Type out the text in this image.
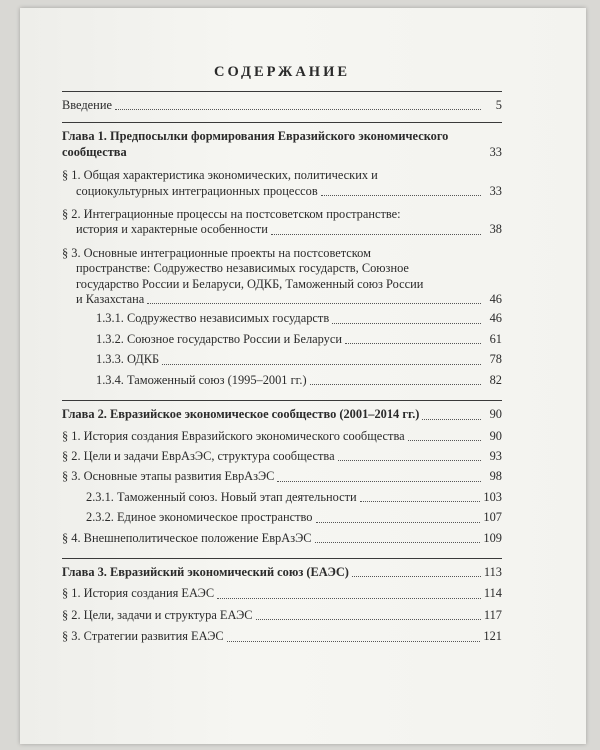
СОДЕРЖАНИЕ
Введение	5
Глава 1. Предпосылки формирования Евразийского экономического
сообщества	33
§ 1. Общая характеристика экономических, политических и
социокультурных интеграционных процессов	33
§ 2. Интеграционные процессы на постсоветском пространстве:
история и характерные особенности	38
§ 3. Основные интеграционные проекты на постсоветском
пространстве: Содружество независимых государств, Союзное
государство России и Беларуси, ОДКБ, Таможенный союз России
и Казахстана	46
1.3.1. Содружество независимых государств	46
1.3.2. Союзное государство России и Беларуси	61
1.3.3. ОДКБ	78
1.3.4. Таможенный союз (1995–2001 гг.)	82
Глава 2. Евразийское экономическое сообщество (2001–2014 гг.)	90
§ 1. История создания Евразийского экономического сообщества	90
§ 2. Цели и задачи ЕврАзЭС, структура сообщества	93
§ 3. Основные этапы развития ЕврАзЭС	98
2.3.1. Таможенный союз. Новый этап деятельности	103
2.3.2. Единое экономическое пространство	107
§ 4. Внешнеполитическое положение ЕврАзЭС	109
Глава 3. Евразийский экономический союз (ЕАЭС)	113
§ 1. История создания ЕАЭС	114
§ 2. Цели, задачи и структура ЕАЭС	117
§ 3. Стратегии развития ЕАЭС	121
